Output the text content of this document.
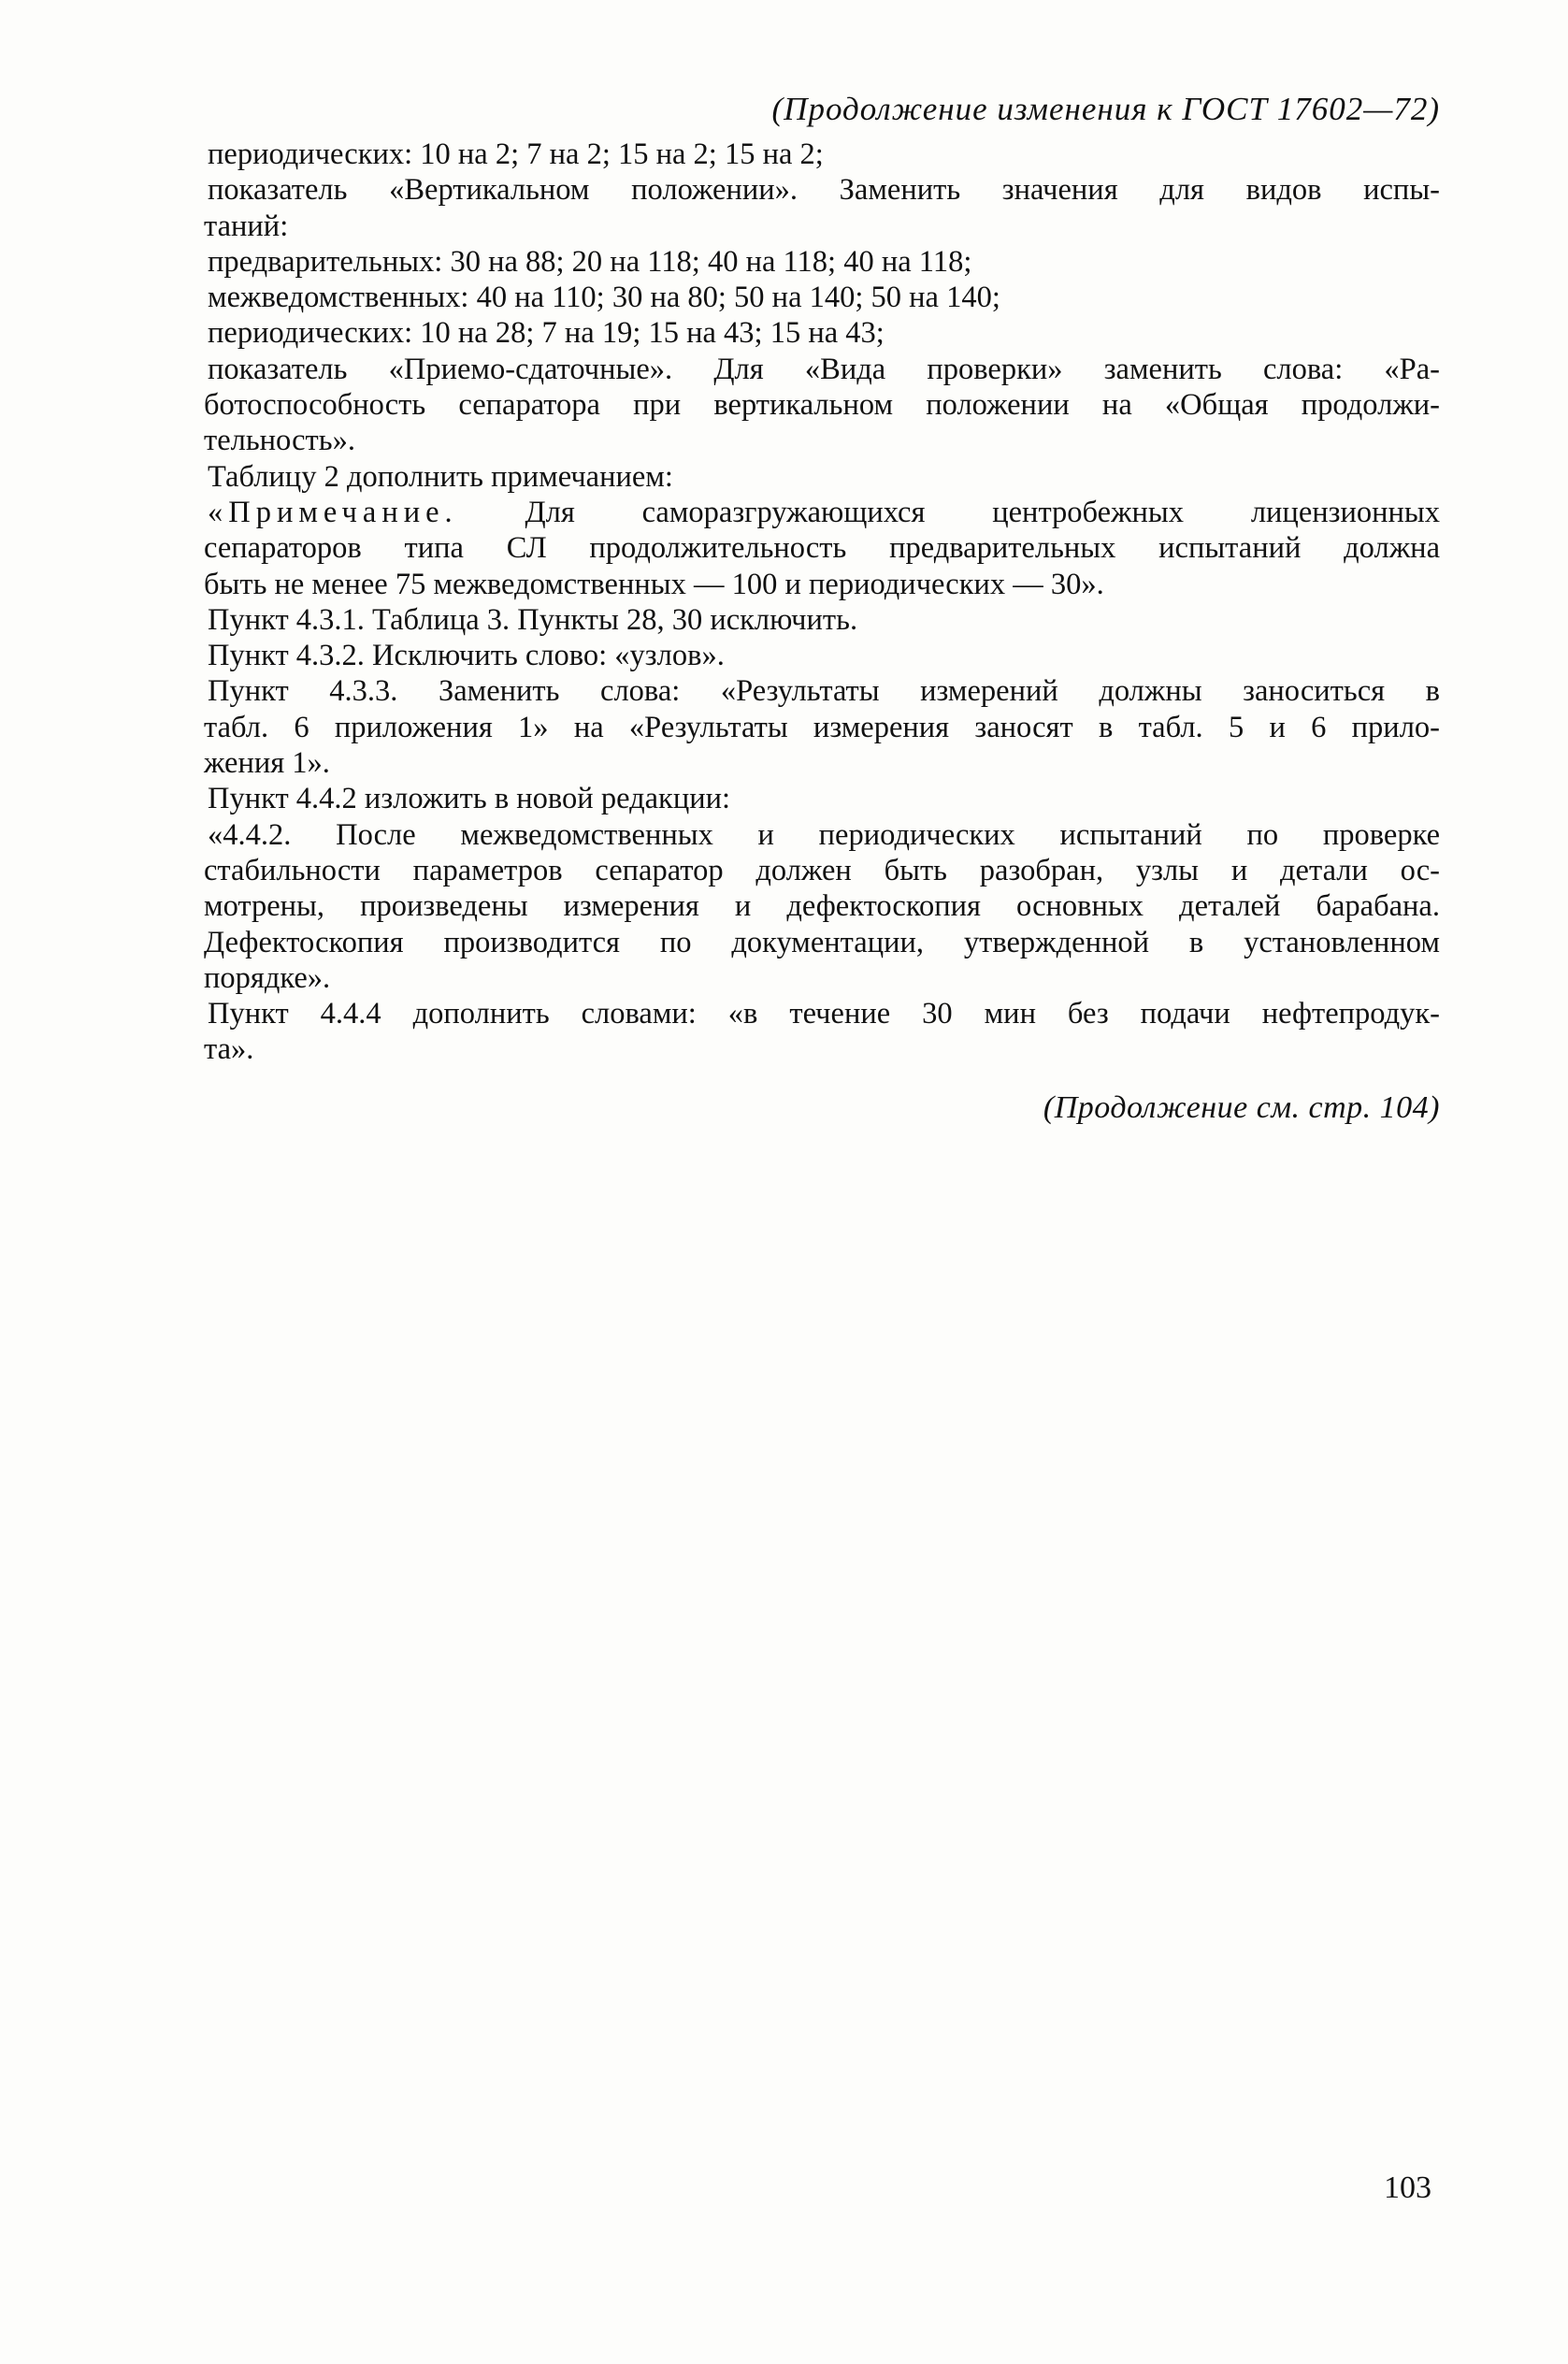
(Продолжение изменения к ГОСТ 17602—72)
периодических: 10 на 2; 7 на 2; 15 на 2; 15 на 2;
показатель «Вертикальном положении». Заменить значения для видов испы-
таний:
предварительных: 30 на 88; 20 на 118; 40 на 118; 40 на 118;
межведомственных: 40 на 110; 30 на 80; 50 на 140; 50 на 140;
периодических: 10 на 28; 7 на 19; 15 на 43; 15 на 43;
показатель «Приемо-сдаточные». Для «Вида проверки» заменить слова: «Ра-
ботоспособность сепаратора при вертикальном положении на «Общая продолжи-
тельность».
Таблицу 2 дополнить примечанием:
«Примечание. Для саморазгружающихся центробежных лицензионных
сепараторов типа СЛ продолжительность предварительных испытаний должна
быть не менее 75 межведомственных — 100 и периодических — 30».
Пункт 4.3.1. Таблица 3. Пункты 28, 30 исключить.
Пункт 4.3.2. Исключить слово: «узлов».
Пункт 4.3.3. Заменить слова: «Результаты измерений должны заноситься в
табл. 6 приложения 1» на «Результаты измерения заносят в табл. 5 и 6 прило-
жения 1».
Пункт 4.4.2 изложить в новой редакции:
«4.4.2. После межведомственных и периодических испытаний по проверке
стабильности параметров сепаратор должен быть разобран, узлы и детали ос-
мотрены, произведены измерения и дефектоскопия основных деталей барабана.
Дефектоскопия производится по документации, утвержденной в установленном
порядке».
Пункт 4.4.4 дополнить словами: «в течение 30 мин без подачи нефтепродук-
та».
(Продолжение см. стр. 104)
103
